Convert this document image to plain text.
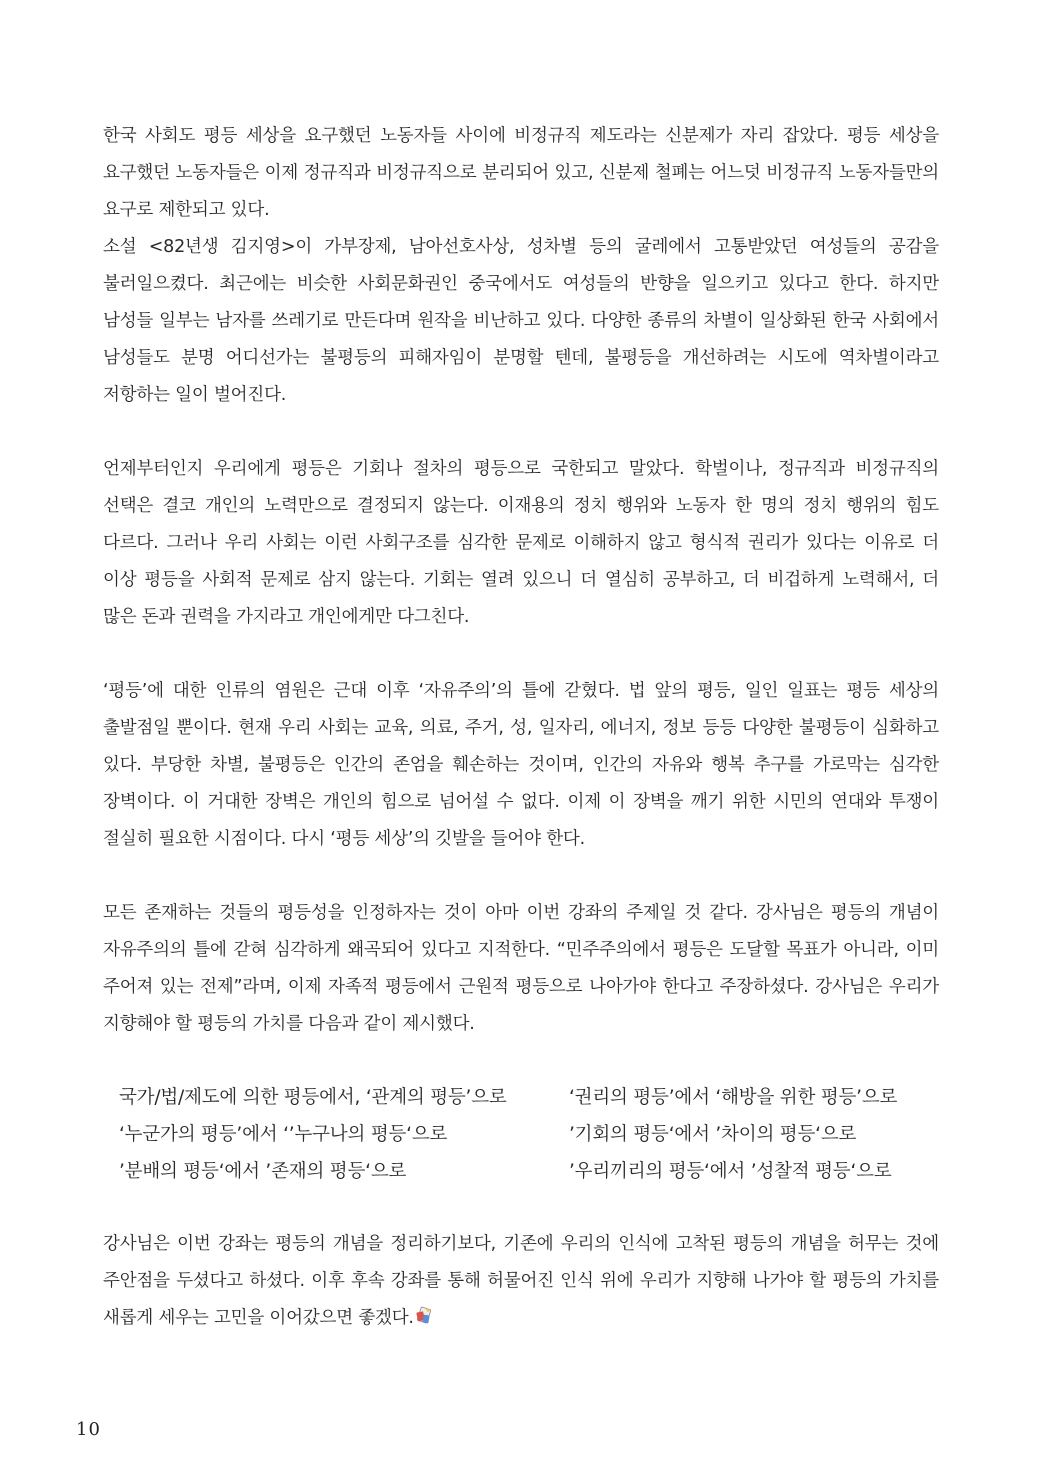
한국 사회도 평등 세상을 요구했던 노동자들 사이에 비정규직 제도라는 신분제가 자리 잡았다. 평등 세상을 요구했던 노동자들은 이제 정규직과 비정규직으로 분리되어 있고, 신분제 철폐는 어느덧 비정규직 노동자들만의 요구로 제한되고 있다.

소설 <82년생 김지영>이 가부장제, 남아선호사상, 성차별 등의 굴레에서 고통받았던 여성들의 공감을 불러일으켰다. 최근에는 비슷한 사회문화권인 중국에서도 여성들의 반향을 일으키고 있다고 한다. 하지만 남성들 일부는 남자를 쓰레기로 만든다며 원작을 비난하고 있다. 다양한 종류의 차별이 일상화된 한국 사회에서 남성들도 분명 어디선가는 불평등의 피해자임이 분명할 텐데, 불평등을 개선하려는 시도에 역차별이라고 저항하는 일이 벌어진다.

언제부터인지 우리에게 평등은 기회나 절차의 평등으로 국한되고 말았다. 학벌이나, 정규직과 비정규직의 선택은 결코 개인의 노력만으로 결정되지 않는다. 이재용의 정치 행위와 노동자 한 명의 정치 행위의 힘도 다르다. 그러나 우리 사회는 이런 사회구조를 심각한 문제로 이해하지 않고 형식적 권리가 있다는 이유로 더 이상 평등을 사회적 문제로 삼지 않는다. 기회는 열려 있으니 더 열심히 공부하고, 더 비겁하게 노력해서, 더 많은 돈과 권력을 가지라고 개인에게만 다그친다.

‘평등’에 대한 인류의 염원은 근대 이후 ‘자유주의’의 틀에 갇혔다. 법 앞의 평등, 일인 일표는 평등 세상의 출발점일 뿐이다. 현재 우리 사회는 교육, 의료, 주거, 성, 일자리, 에너지, 정보 등등 다양한 불평등이 심화하고 있다. 부당한 차별, 불평등은 인간의 존엄을 훼손하는 것이며, 인간의 자유와 행복 추구를 가로막는 심각한 장벽이다. 이 거대한 장벽은 개인의 힘으로 넘어설 수 없다. 이제 이 장벽을 깨기 위한 시민의 연대와 투쟁이 절실히 필요한 시점이다. 다시 ‘평등 세상’의 깃발을 들어야 한다.

모든 존재하는 것들의 평등성을 인정하자는 것이 아마 이번 강좌의 주제일 것 같다. 강사님은 평등의 개념이 자유주의의 틀에 갇혀 심각하게 왜곡되어 있다고 지적한다. “민주주의에서 평등은 도달할 목표가 아니라, 이미 주어져 있는 전제”라며, 이제 자족적 평등에서 근원적 평등으로 나아가야 한다고 주장하셨다. 강사님은 우리가 지향해야 할 평등의 가치를 다음과 같이 제시했다.

국가/법/제도에 의한 평등에서, ‘관계의 평등’으로	‘권리의 평등’에서 ‘해방을 위한 평등’으로
‘누군가의 평등’에서 ‘’누구나의 평등‘으로	’기회의 평등‘에서 ’차이의 평등‘으로
’분배의 평등‘에서 ’존재의 평등‘으로	’우리끼리의 평등‘에서 ’성찰적 평등‘으로

강사님은 이번 강좌는 평등의 개념을 정리하기보다, 기존에 우리의 인식에 고착된 평등의 개념을 허무는 것에 주안점을 두셨다고 하셨다. 이후 후속 강좌를 통해 허물어진 인식 위에 우리가 지향해 나가야 할 평등의 가치를 새롭게 세우는 고민을 이어갔으면 좋겠다.

10
